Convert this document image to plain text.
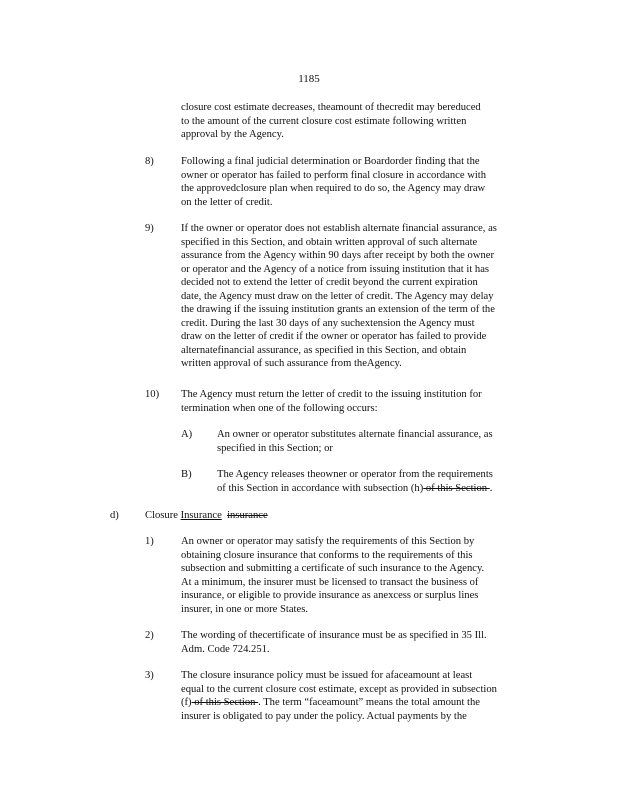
1185
closure cost estimate decreases, theamount of thecredit may bereduced
to the amount of the current closure cost estimate following written
approval by the Agency.
8)	Following a final judicial determination or Boardorder finding that the
owner or operator has failed to perform final closure in accordance with
the approvedclosure plan when required to do so, the Agency may draw
on the letter of credit.
9)	If the owner or operator does not establish alternate financial assurance, as
specified in this Section, and obtain written approval of such alternate
assurance from the Agency within 90 days after receipt by both the owner
or operator and the Agency of a notice from issuing institution that it has
decided not to extend the letter of credit beyond the current expiration
date, the Agency must draw on the letter of credit. The Agency may delay
the drawing if the issuing institution grants an extension of the term of the
credit. During the last 30 days of any suchextension the Agency must
draw on the letter of credit if the owner or operator has failed to provide
alternatefinancial assurance, as specified in this Section, and obtain
written approval of such assurance from theAgency.
10) The Agency must return the letter of credit to the issuing institution for
termination when one of the following occurs:
A) An owner or operator substitutes alternate financial assurance, as
specified in this Section; or
B) The Agency releases theowner or operator from the requirements
of this Section in accordance with subsection (h) of this Section .
d) Closure Insurance insurance
1)	An owner or operator may satisfy the requirements of this Section by
obtaining closure insurance that conforms to the requirements of this
subsection and submitting a certificate of such insurance to the Agency.
At a minimum, the insurer must be licensed to transact the business of
insurance, or eligible to provide insurance as anexcess or surplus lines
insurer, in one or more States.
2)	The wording of thecertificate of insurance must be as specified in 35 Ill.
Adm. Code 724.251.
3)	The closure insurance policy must be issued for afaceamount at least
equal to the current closure cost estimate, except as provided in subsection
(f) of this Section . The term “faceamount” means the total amount the
insurer is obligated to pay under the policy. Actual payments by the
